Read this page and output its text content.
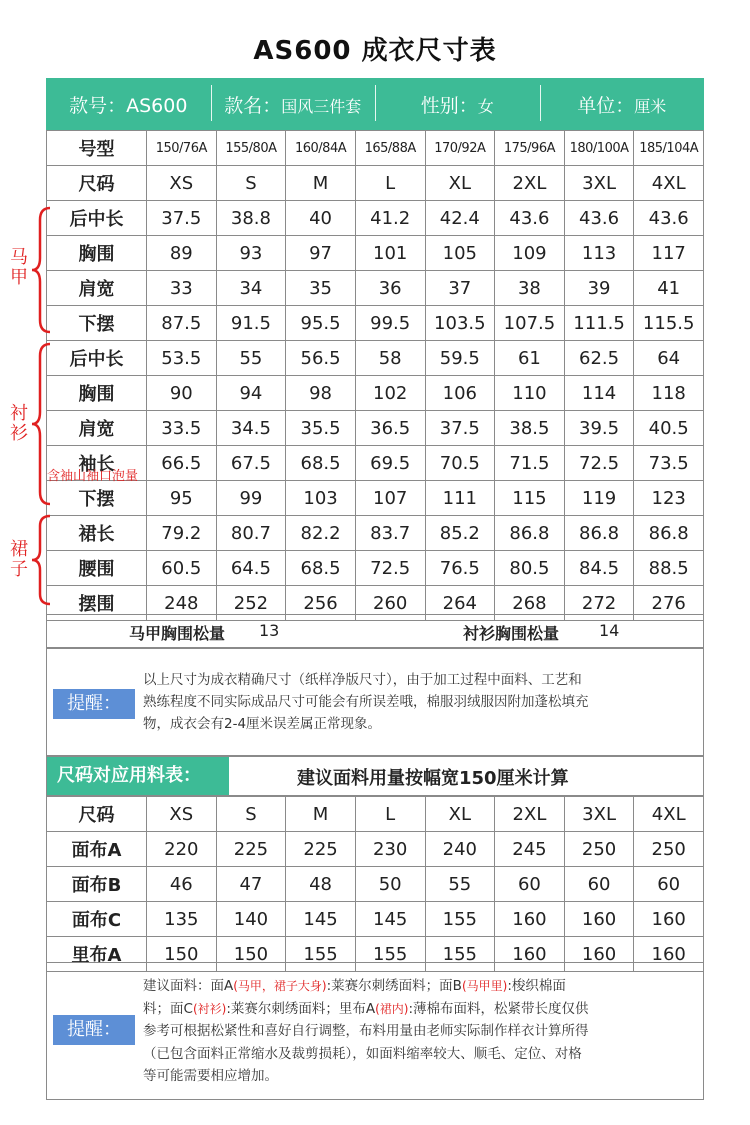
AS600 成衣尺寸表
款号：AS600	款名：国风三件套	性别：女	单位：厘米
号型	150/76A	155/80A	160/84A	165/88A	170/92A	175/96A	180/100A	185/104A
尺码	XS	S	M	L	XL	2XL	3XL	4XL
后中长	37.5	38.8	40	41.2	42.4	43.6	43.6	43.6
胸围	89	93	97	101	105	109	113	117
肩宽	33	34	35	36	37	38	39	41
下摆	87.5	91.5	95.5	99.5	103.5	107.5	111.5	115.5
后中长	53.5	55	56.5	58	59.5	61	62.5	64
胸围	90	94	98	102	106	110	114	118
肩宽	33.5	34.5	35.5	36.5	37.5	38.5	39.5	40.5
袖长	66.5	67.5	68.5	69.5	70.5	71.5	72.5	73.5
下摆	95	99	103	107	111	115	119	123
裙长	79.2	80.7	82.2	83.7	85.2	86.8	86.8	86.8
腰围	60.5	64.5	68.5	72.5	76.5	80.5	84.5	88.5
摆围	248	252	256	260	264	268	272	276
马
甲
衬
衫
裙
子
含袖山袖口泡量
马甲胸围松量 13	衬衫胸围松量 14
提醒：
以上尺寸为成衣精确尺寸（纸样净版尺寸），由于加工过程中面料、工艺和
熟练程度不同实际成品尺寸可能会有所误差哦，棉服羽绒服因附加蓬松填充
物，成衣会有2-4厘米误差属正常现象。
尺码对应用料表：	建议面料用量按幅宽150厘米计算
尺码	XS	S	M	L	XL	2XL	3XL	4XL
面布A	220	225	225	230	240	245	250	250
面布B	46	47	48	50	55	60	60	60
面布C	135	140	145	145	155	160	160	160
里布A	150	150	155	155	155	160	160	160
提醒：
建议面料：面A(马甲，裙子大身):莱赛尔刺绣面料；面B(马甲里):梭织棉面
料；面C(衬衫):莱赛尔刺绣面料；里布A(裙内):薄棉布面料，松紧带长度仅供
参考可根据松紧性和喜好自行调整，布料用量由老师实际制作样衣计算所得
（已包含面料正常缩水及裁剪损耗），如面料缩率较大、顺毛、定位、对格
等可能需要相应增加。
